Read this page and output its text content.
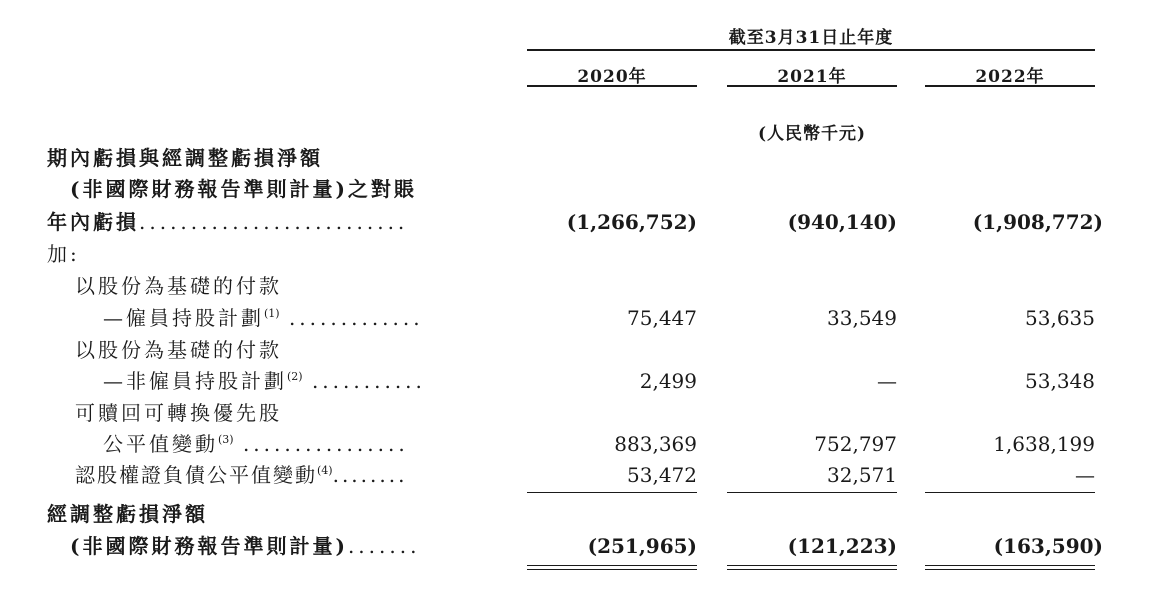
截至3月31日止年度
2020年	2021年	2022年
(人民幣千元)
期內虧損與經調整虧損淨額
(非國際財務報告準則計量)之對賬
年內虧損..........................	(1,266,752)	(940,140)	(1,908,772)
加:
以股份為基礎的付款
—僱員持股計劃$^{(1)}$ .............	75,447	33,549	53,635
以股份為基礎的付款
—非僱員持股計劃$^{(2)}$ ...........	2,499	—	53,348
可贖回可轉換優先股
公平值變動$^{(3)}$ ................	883,369	752,797	1,638,199
認股權證負債公平值變動$^{(4)}$........	53,472	32,571	—
經調整虧損淨額
(非國際財務報告準則計量).......	(251,965)	(121,223)	(163,590)
